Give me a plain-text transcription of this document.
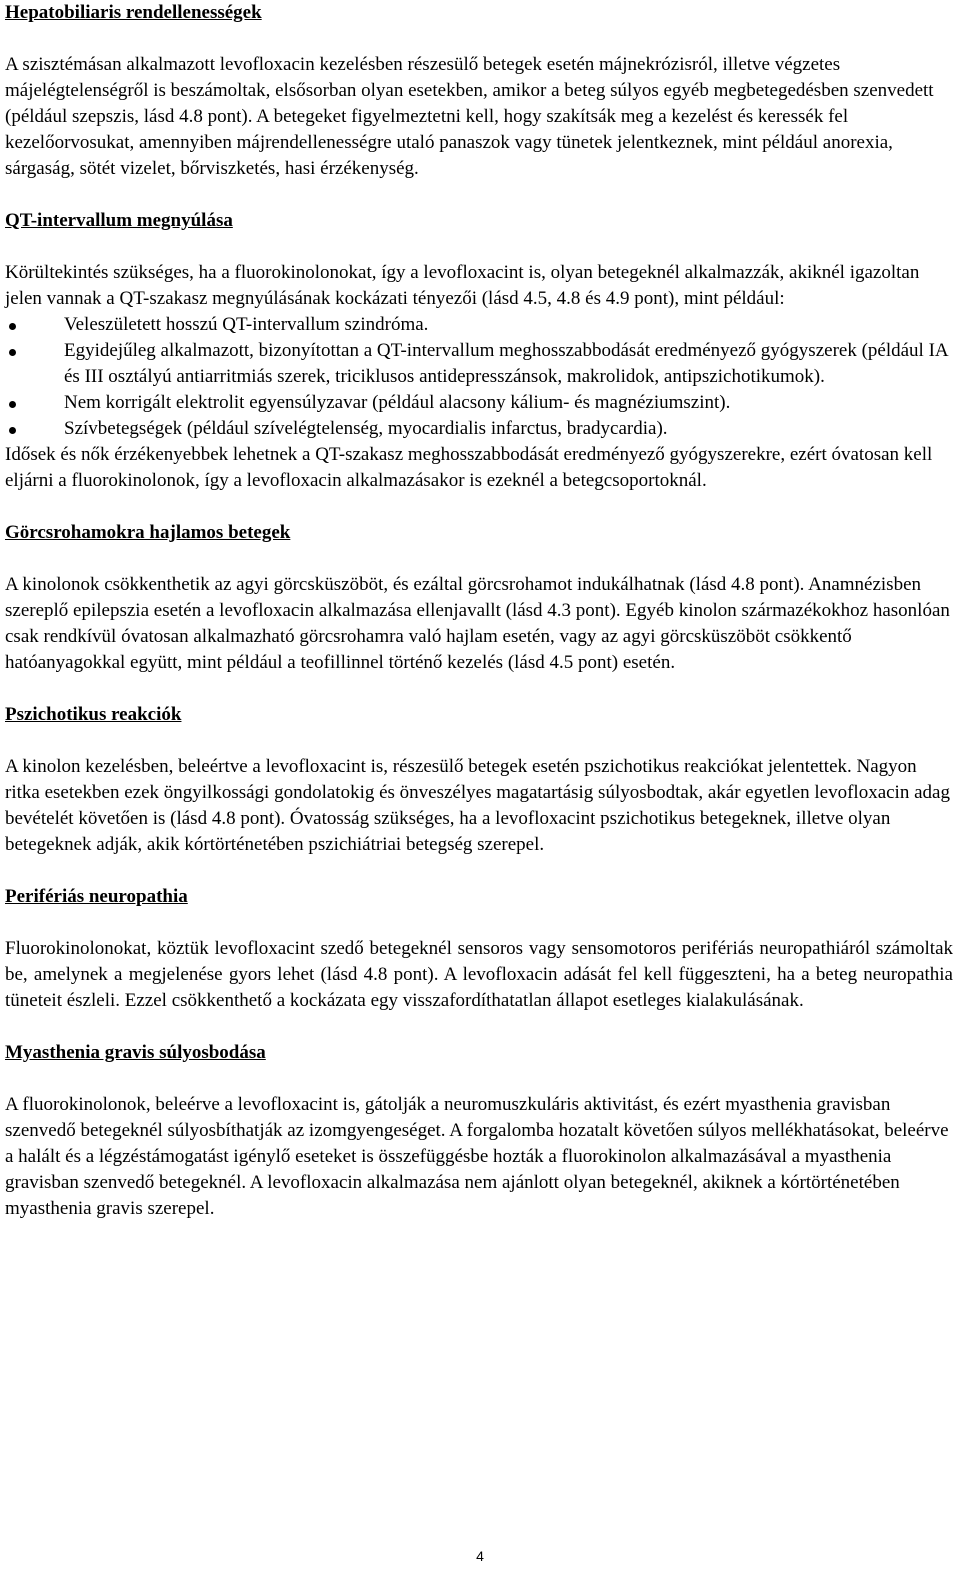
Hepatobiliaris rendellenességek

A szisztémásan alkalmazott levofloxacin kezelésben részesülő betegek esetén májnekrózisról, illetve végzetes májelégtelenségről is beszámoltak, elsősorban olyan esetekben, amikor a beteg súlyos egyéb megbetegedésben szenvedett (például szepszis, lásd 4.8 pont). A betegeket figyelmeztetni kell, hogy szakítsák meg a kezelést és keressék fel kezelőorvosukat, amennyiben májrendellenességre utaló panaszok vagy tünetek jelentkeznek, mint például anorexia, sárgaság, sötét vizelet, bőrviszketés, hasi érzékenység.

QT-intervallum megnyúlása

Körültekintés szükséges, ha a fluorokinolonokat, így a levofloxacint is, olyan betegeknél alkalmazzák, akiknél igazoltan jelen vannak a QT-szakasz megnyúlásának kockázati tényezői (lásd 4.5, 4.8 és 4.9 pont), mint például:

Veleszületett hosszú QT-intervallum szindróma.
Egyidejűleg alkalmazott, bizonyítottan a QT-intervallum meghosszabbodását eredményező gyógyszerek (például IA és III osztályú antiarritmiás szerek, triciklusos antidepresszánsok, makrolidok, antipszichotikumok).
Nem korrigált elektrolit egyensúlyzavar (például alacsony kálium- és magnéziumszint).
Szívbetegségek (például szívelégtelenség, myocardialis infarctus, bradycardia).

Idősek és nők érzékenyebbek lehetnek a QT-szakasz meghosszabbodását eredményező gyógyszerekre, ezért óvatosan kell eljárni a fluorokinolonok, így a levofloxacin alkalmazásakor is ezeknél a betegcsoportoknál.

Görcsrohamokra hajlamos betegek

A kinolonok csökkenthetik az agyi görcsküszöböt, és ezáltal görcsrohamot indukálhatnak (lásd 4.8 pont). Anamnézisben szereplő epilepszia esetén a levofloxacin alkalmazása ellenjavallt (lásd 4.3 pont). Egyéb kinolon származékokhoz hasonlóan csak rendkívül óvatosan alkalmazható görcsrohamra való hajlam esetén, vagy az agyi görcsküszöböt csökkentő hatóanyagokkal együtt, mint például a teofillinnel történő kezelés (lásd 4.5 pont) esetén.

Pszichotikus reakciók

A kinolon kezelésben, beleértve a levofloxacint is, részesülő betegek esetén pszichotikus reakciókat jelentettek. Nagyon ritka esetekben ezek öngyilkossági gondolatokig és önveszélyes magatartásig súlyosbodtak, akár egyetlen levofloxacin adag bevételét követően is (lásd 4.8 pont). Óvatosság szükséges, ha a levofloxacint pszichotikus betegeknek, illetve olyan betegeknek adják, akik kórtörténetében pszichiátriai betegség szerepel.

Perifériás neuropathia

Fluorokinolonokat, köztük levofloxacint szedő betegeknél sensoros vagy sensomotoros perifériás neuropathiáról számoltak be, amelynek a megjelenése gyors lehet (lásd 4.8 pont). A levofloxacin adását fel kell függeszteni, ha a beteg neuropathia tüneteit észleli. Ezzel csökkenthető a kockázata egy visszafordíthatatlan állapot esetleges kialakulásának.

Myasthenia gravis súlyosbodása

A fluorokinolonok, beleérve a levofloxacint is, gátolják a neuromuszkuláris aktivitást, és ezért myasthenia gravisban szenvedő betegeknél súlyosbíthatják az izomgyengeséget. A forgalomba hozatalt követően súlyos mellékhatásokat, beleérve a halált és a légzéstámogatást igénylő eseteket is összefüggésbe hozták a fluorokinolon alkalmazásával a myasthenia gravisban szenvedő betegeknél. A levofloxacin alkalmazása nem ajánlott olyan betegeknél, akiknek a kórtörténetében myasthenia gravis szerepel.

4
